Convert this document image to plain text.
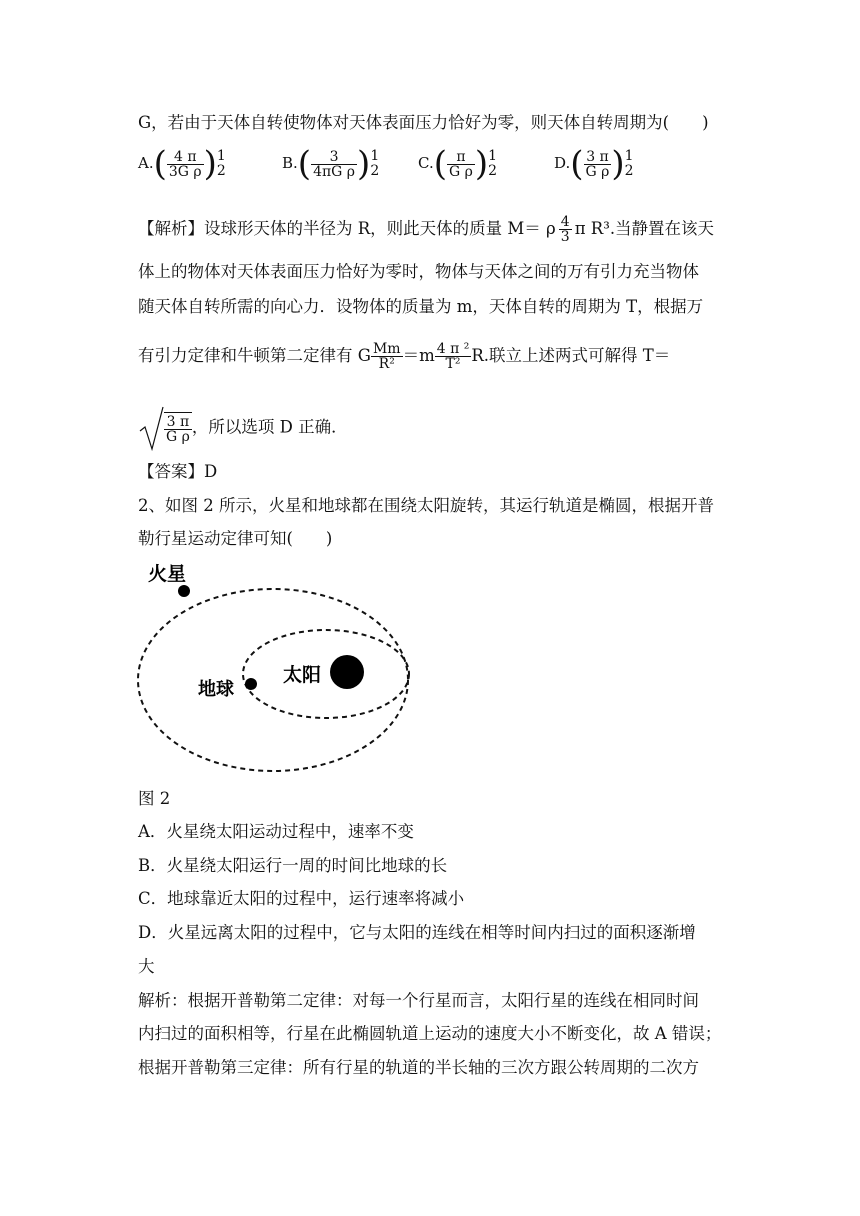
G，若由于天体自转使物体对天体表面压力恰好为零，则天体自转周期为(　　)
$A.( \frac{4 \pi}{\text{3G ρ}} )1$
2	$B.( \frac{3}{\text{4πG ρ}} )1$
2	$C.( \frac{\pi}{\text{G ρ}} )1$
2	$D.( \frac{3 \pi}{\text{G ρ}} )1$
2
【解析】设球形天体的半径为 R，则此天体的质量 M＝ ρ $\frac{4}{3}$ π R³.当静置在该天
体上的物体对天体表面压力恰好为零时，物体与天体之间的万有引力充当物体
随天体自转所需的向心力．设物体的质量为 m，天体自转的周期为 T，根据万
有引力定律和牛顿第二定律有 G $\frac{Mm}{\text{R²}} =m \frac{\text{4 π ²}}{\text{T²}} R$.联立上述两式可解得 T＝
$\frac{3 \pi}{\text{G ρ}}$ ，所以选项 D 正确．
【答案】D
2、如图 2 所示，火星和地球都在围绕太阳旋转，其运行轨道是椭圆，根据开普
勒行星运动定律可知(　　)
火星
地球
太阳
图 2
A．火星绕太阳运动过程中，速率不变
B．火星绕太阳运行一周的时间比地球的长
C．地球靠近太阳的过程中，运行速率将减小
D．火星远离太阳的过程中，它与太阳的连线在相等时间内扫过的面积逐渐增
大
解析：根据开普勒第二定律：对每一个行星而言，太阳行星的连线在相同时间
内扫过的面积相等，行星在此椭圆轨道上运动的速度大小不断变化，故 A 错误；
根据开普勒第三定律：所有行星的轨道的半长轴的三次方跟公转周期的二次方
